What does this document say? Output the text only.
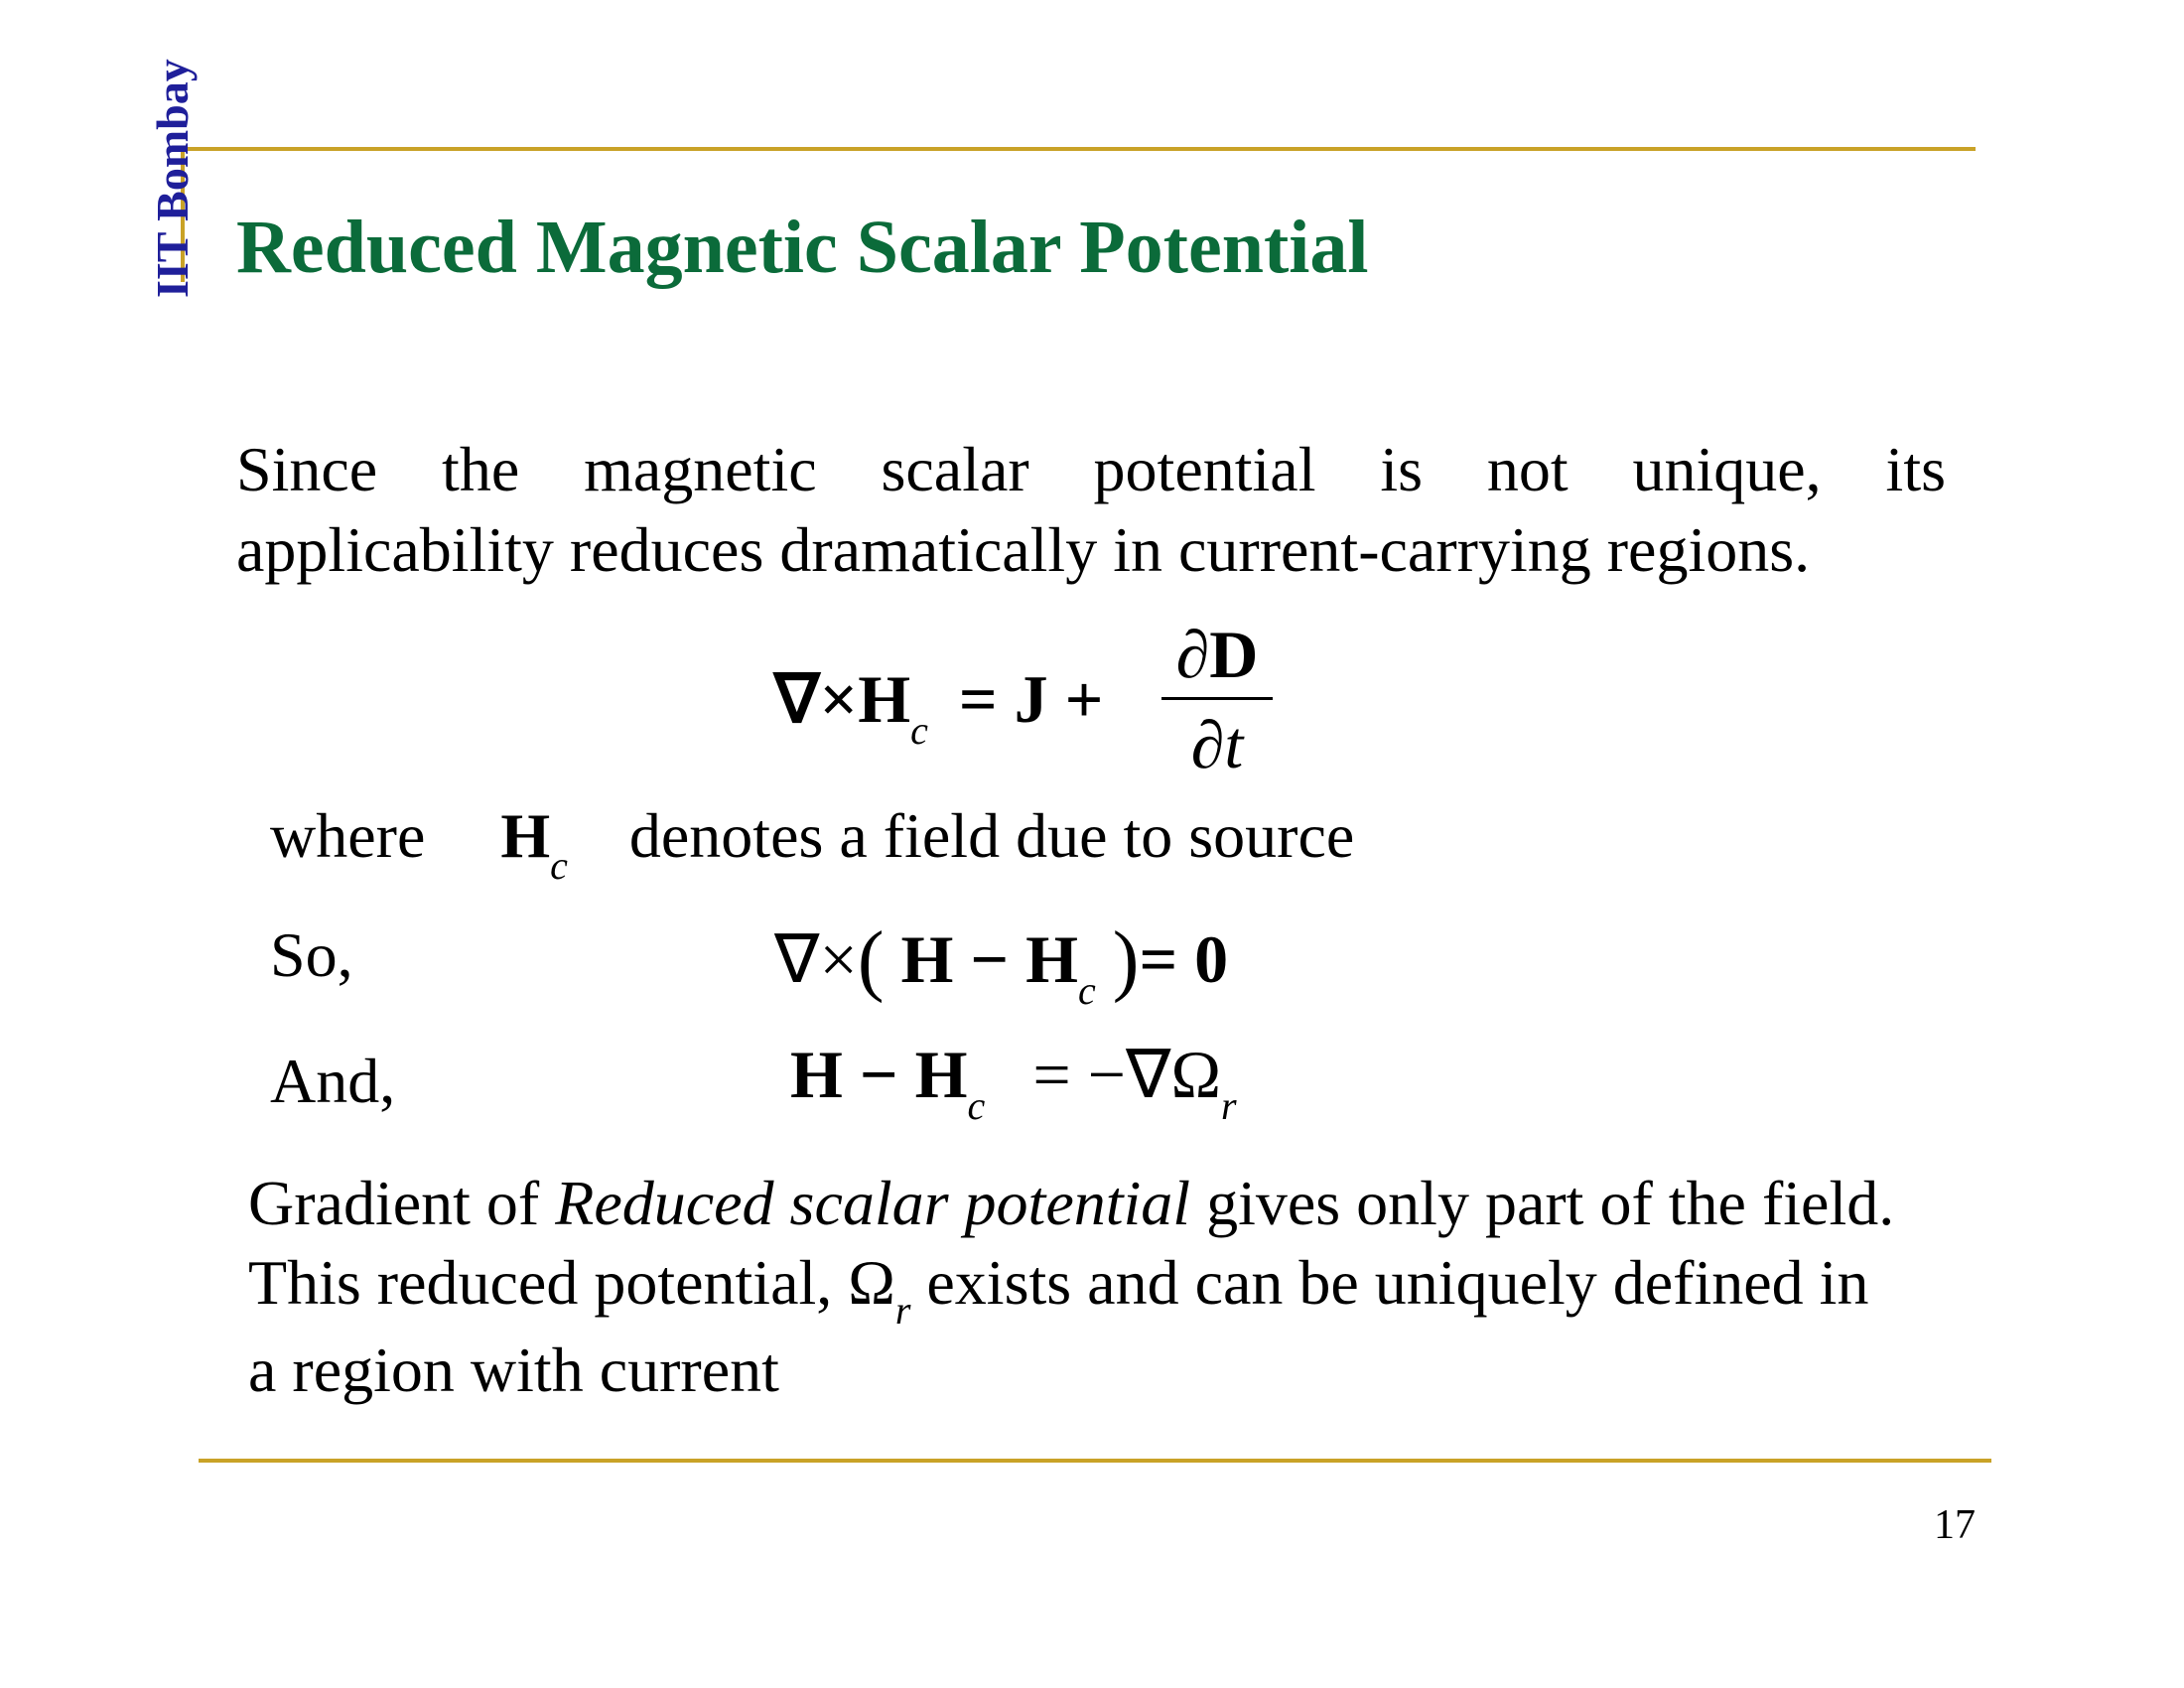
IIT Bombay Reduced Magnetic Scalar Potential
Since the magnetic scalar potential is not unique, its
applicability reduces dramatically in current-carrying regions.
$\nabla\times H_c = J$ +
∂D
∂t
where $H_c$ denotes a field due to source
So,	∇×( $H - H_c$ )= 0
And,	$H - H_c = -\nabla\Omega_r$
Gradient of Reduced scalar potential gives only part of the field.
This reduced potential, $\Omega_r$ exists and can be uniquely defined in
a region with current
17
